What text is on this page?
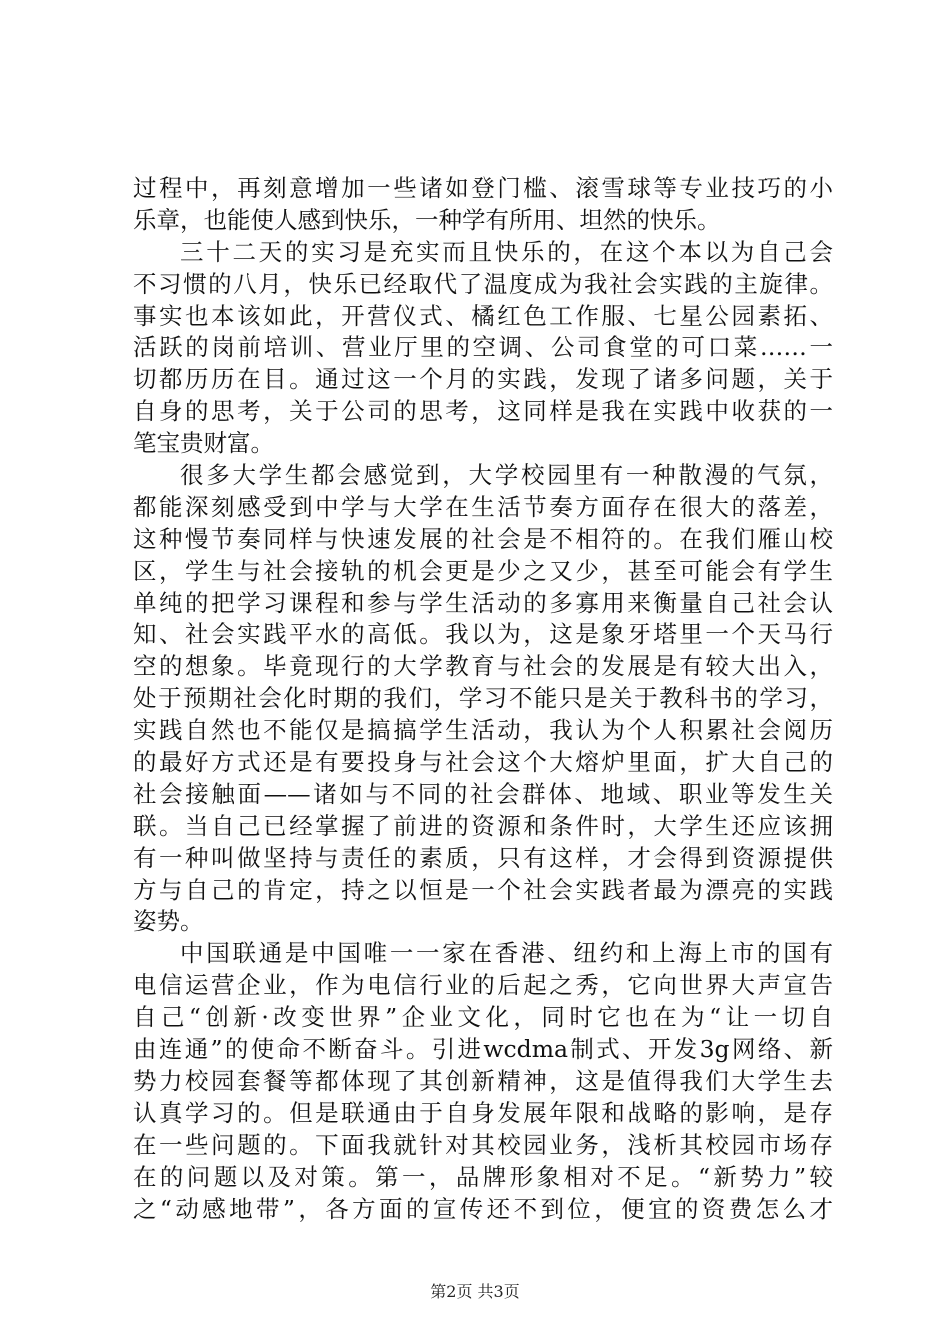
过程中，再刻意增加一些诸如登门槛、滚雪球等专业技巧的小
乐章，也能使人感到快乐，一种学有所用、坦然的快乐。
三十二天的实习是充实而且快乐的，在这个本以为自己会
不习惯的八月，快乐已经取代了温度成为我社会实践的主旋律。
事实也本该如此，开营仪式、橘红色工作服、七星公园素拓、
活跃的岗前培训、营业厅里的空调、公司食堂的可口菜……一
切都历历在目。通过这一个月的实践，发现了诸多问题，关于
自身的思考，关于公司的思考，这同样是我在实践中收获的一
笔宝贵财富。
很多大学生都会感觉到，大学校园里有一种散漫的气氛，
都能深刻感受到中学与大学在生活节奏方面存在很大的落差，
这种慢节奏同样与快速发展的社会是不相符的。在我们雁山校
区，学生与社会接轨的机会更是少之又少，甚至可能会有学生
单纯的把学习课程和参与学生活动的多寡用来衡量自己社会认
知、社会实践平水的高低。我以为，这是象牙塔里一个天马行
空的想象。毕竟现行的大学教育与社会的发展是有较大出入，
处于预期社会化时期的我们，学习不能只是关于教科书的学习，
实践自然也不能仅是搞搞学生活动，我认为个人积累社会阅历
的最好方式还是有要投身与社会这个大熔炉里面，扩大自己的
社会接触面——诸如与不同的社会群体、地域、职业等发生关
联。当自己已经掌握了前进的资源和条件时，大学生还应该拥
有一种叫做坚持与责任的素质，只有这样，才会得到资源提供
方与自己的肯定，持之以恒是一个社会实践者最为漂亮的实践
姿势。
中国联通是中国唯一一家在香港、纽约和上海上市的国有
电信运营企业，作为电信行业的后起之秀，它向世界大声宣告
自己“创新·改变世界”企业文化，同时它也在为“让一切自
由连通”的使命不断奋斗。引进wcdma制式、开发3g网络、新
势力校园套餐等都体现了其创新精神，这是值得我们大学生去
认真学习的。但是联通由于自身发展年限和战略的影响，是存
在一些问题的。下面我就针对其校园业务，浅析其校园市场存
在的问题以及对策。第一，品牌形象相对不足。“新势力”较
之“动感地带”，各方面的宣传还不到位，便宜的资费怎么才
第2页 共3页
